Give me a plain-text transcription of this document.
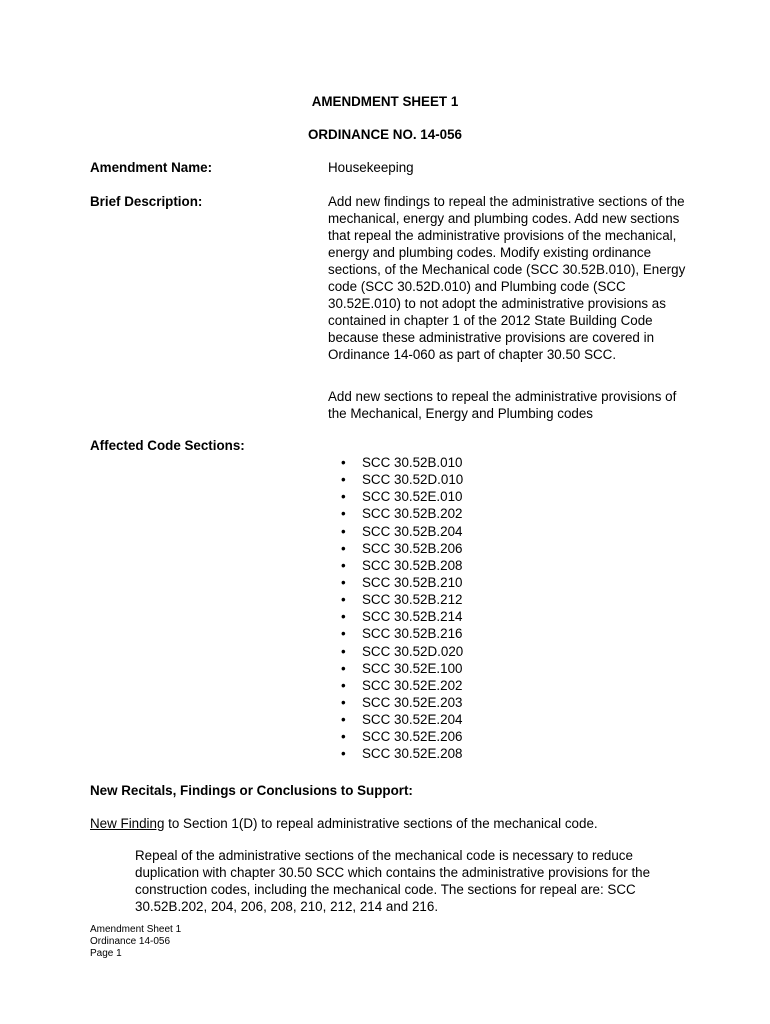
AMENDMENT SHEET 1
ORDINANCE NO. 14-056
Amendment Name:	Housekeeping
Brief Description:	Add new findings to repeal the administrative sections of the mechanical, energy and plumbing codes. Add new sections that repeal the administrative provisions of the mechanical, energy and plumbing codes. Modify existing ordinance sections, of the Mechanical code (SCC 30.52B.010), Energy code (SCC 30.52D.010) and Plumbing code (SCC 30.52E.010) to not adopt the administrative provisions as contained in chapter 1 of the 2012 State Building Code because these administrative provisions are covered in Ordinance 14-060 as part of chapter 30.50 SCC.
Add new sections to repeal the administrative provisions of the Mechanical, Energy and Plumbing codes
Affected Code Sections:
• SCC 30.52B.010
• SCC 30.52D.010
• SCC 30.52E.010
• SCC 30.52B.202
• SCC 30.52B.204
• SCC 30.52B.206
• SCC 30.52B.208
• SCC 30.52B.210
• SCC 30.52B.212
• SCC 30.52B.214
• SCC 30.52B.216
• SCC 30.52D.020
• SCC 30.52E.100
• SCC 30.52E.202
• SCC 30.52E.203
• SCC 30.52E.204
• SCC 30.52E.206
• SCC 30.52E.208
New Recitals, Findings or Conclusions to Support:
New Finding to Section 1(D) to repeal administrative sections of the mechanical code.
Repeal of the administrative sections of the mechanical code is necessary to reduce duplication with chapter 30.50 SCC which contains the administrative provisions for the construction codes, including the mechanical code. The sections for repeal are: SCC 30.52B.202, 204, 206, 208, 210, 212, 214 and 216.
Amendment Sheet 1
Ordinance 14-056
Page 1
